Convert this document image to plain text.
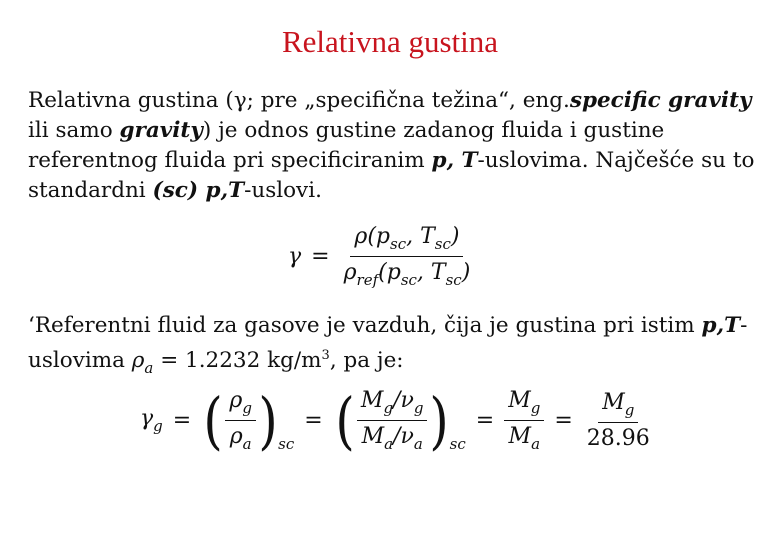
Relativna gustina
Relativna gustina (γ; pre „specifična težina“, eng.specific gravity ili samo gravity) je odnos gustine zadanog fluida i gustine referentnog fluida pri specificiranim p, T-uslovima. Najčešće su to standardni (sc) p,T-uslovi.
$\gamma = \frac{\rho(p_{sc}, T_{sc})}{\rho_{ref}(p_{sc}, T_{sc})}$
‘Referentni fluid za gasove je vazduh, čija je gustina pri istim p,T-uslovima $\rho_a = 1.2232$ $kg/m^3$, pa je:
$\gamma_g$ = ( $\frac{\rho_g}{\rho_a}$ ) sc
= ( $\frac{M_g/\nu_g}{M_a/\nu_a}$ ) sc
= $\frac{M_g}{M_a} = \frac{M_g}{28.96}$
